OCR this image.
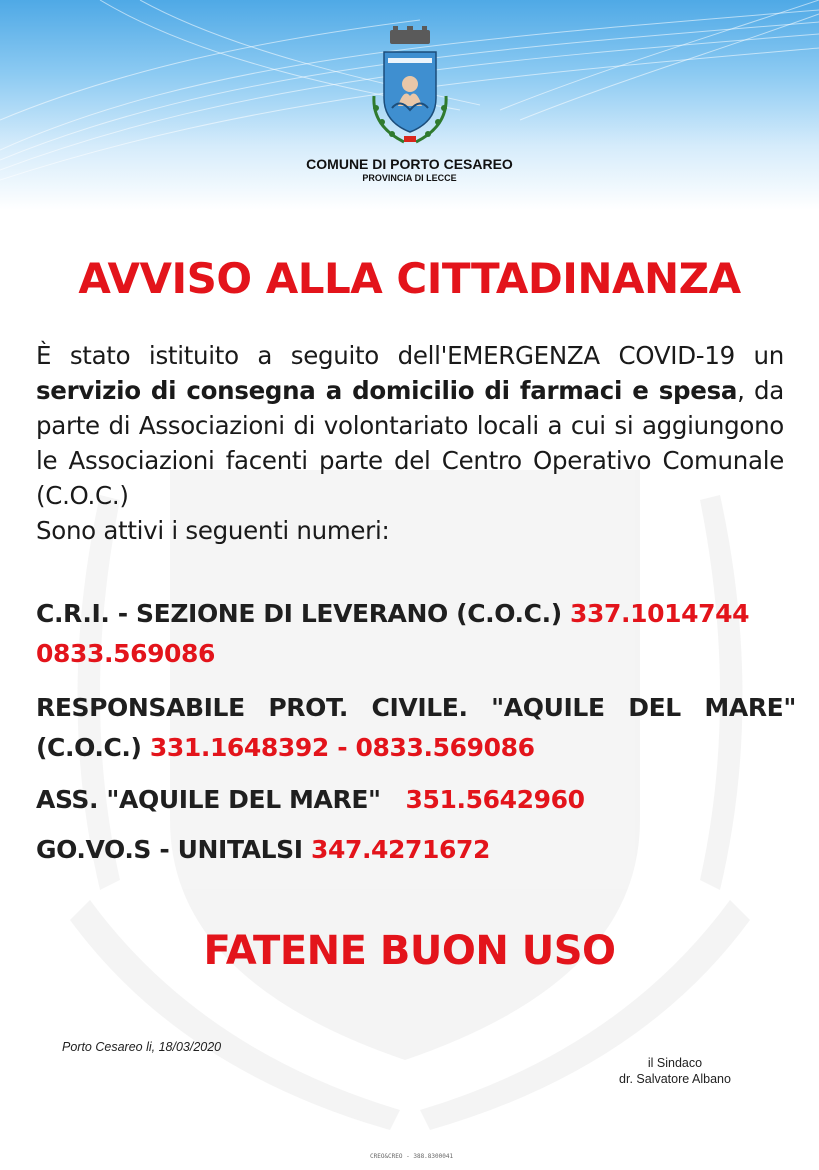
COMUNE DI PORTO CESAREO
PROVINCIA DI LECCE
AVVISO ALLA CITTADINANZA
È stato istituito a seguito dell'EMERGENZA COVID-19 un servizio di consegna a domicilio di farmaci e spesa, da parte di Associazioni di volontariato locali a cui si aggiungono le Associazioni facenti parte del Centro Operativo Comunale (C.O.C.)
Sono attivi i seguenti numeri:
C.R.I. - SEZIONE DI LEVERANO (C.O.C.) 337.1014744
0833.569086
RESPONSABILE PROT. CIVILE. "AQUILE DEL MARE"
(C.O.C.) 331.1648392 - 0833.569086
ASS. "AQUILE DEL MARE" 351.5642960
GO.VO.S - UNITALSI 347.4271672
FATENE BUON USO
Porto Cesareo li, 18/03/2020
il Sindaco
dr. Salvatore Albano
CREO&CREO - 388.8300041
